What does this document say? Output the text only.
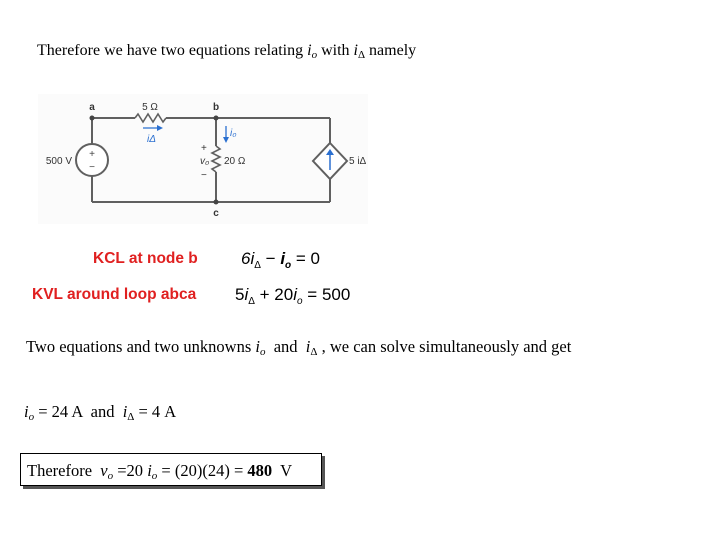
Therefore we have two equations relating $i_o$ with $i_\Delta$ namely
+
−
a	b
c
5 Ω
20 Ω
500 V	5 iΔ
iΔ
i₀
v₀
+
−
KCL at node b	$6i_\Delta - i_o = 0$
KVL around loop abca $5i_\Delta + 20i_o = 500$
Two equations and two unknowns $i_o$  and  $i_\Delta$ , we can solve simultaneously and get
$i_o = 24$ A  and  $i_\Delta = 4$ A
Therefore  $v_o =20$ $i_o = (20)(24) = 480$  V
